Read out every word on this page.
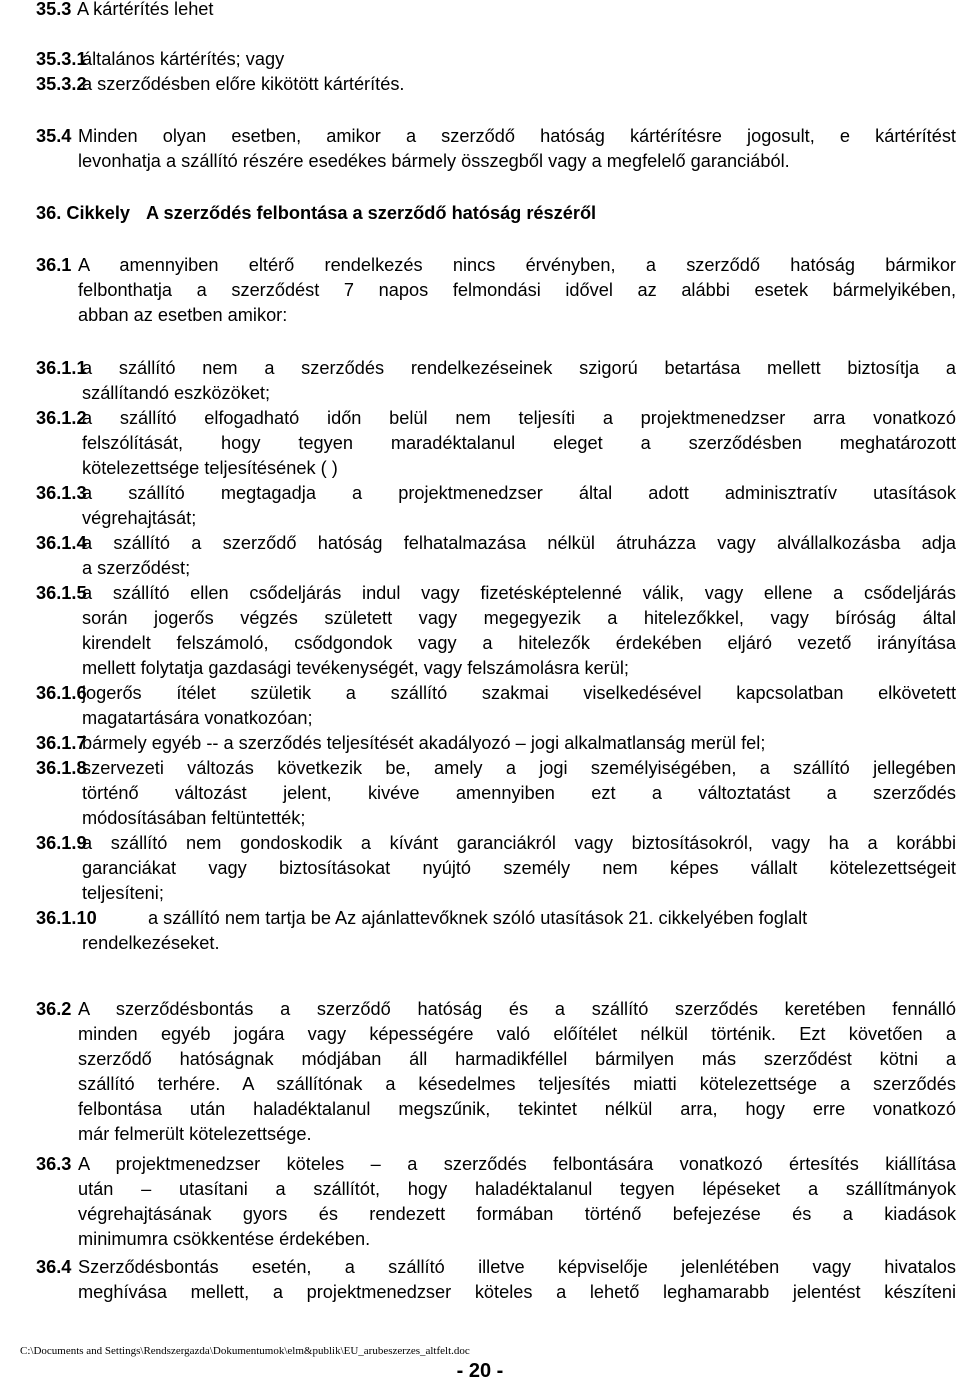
35.3 A kártérítés lehet
35.3.1
általános kártérítés; vagy
35.3.2
a szerződésben előre kikötött kártérítés.
35.4 Minden olyan esetben, amikor a szerződő hatóság kártérítésre jogosult, e kártérítést
levonhatja a szállító részére esedékes bármely összegből vagy a megfelelő garanciából.
36. Cikkely A szerződés felbontása a szerződő hatóság részéről
36.1 A amennyiben eltérő rendelkezés nincs érvényben, a szerződő hatóság bármikor
felbonthatja a szerződést 7 napos felmondási idővel az alábbi esetek bármelyikében,
abban az esetben amikor:
36.1.1
a szállító nem a szerződés rendelkezéseinek szigorú betartása mellett biztosítja a
szállítandó eszközöket;
36.1.2
a szállító elfogadható időn belül nem teljesíti a projektmenedzser arra vonatkozó
felszólítását, hogy tegyen maradéktalanul eleget a szerződésben meghatározott
kötelezettsége teljesítésének ( )
36.1.3
a szállító megtagadja a projektmenedzser által adott adminisztratív utasítások
végrehajtását;
36.1.4
a szállító a szerződő hatóság felhatalmazása nélkül átruházza vagy alvállalkozásba adja
a szerződést;
36.1.5
a szállító ellen csődeljárás indul vagy fizetésképtelenné válik, vagy ellene a csődeljárás
során jogerős végzés született vagy megegyezik a hitelezőkkel, vagy bíróság által
kirendelt felszámoló, csődgondok vagy a hitelezők érdekében eljáró vezető irányítása
mellett folytatja gazdasági tevékenységét, vagy felszámolásra kerül;
36.1.6
jogerős ítélet születik a szállító szakmai viselkedésével kapcsolatban elkövetett
magatartására vonatkozóan;
36.1.7
bármely egyéb -- a szerződés teljesítését akadályozó – jogi alkalmatlanság merül fel;
36.1.8
szervezeti változás következik be, amely a jogi személyiségében, a szállító jellegében
történő változást jelent, kivéve amennyiben ezt a változtatást a szerződés
módosításában feltüntették;
36.1.9
a szállító nem gondoskodik a kívánt garanciákról vagy biztosításokról, vagy ha a korábbi
garanciákat vagy biztosításokat nyújtó személy nem képes vállalt kötelezettségeit
teljesíteni;
36.1.10	a szállító nem tartja be Az ajánlattevőknek szóló utasítások 21. cikkelyében foglalt
rendelkezéseket.
36.2 A szerződésbontás a szerződő hatóság és a szállító szerződés keretében fennálló
minden egyéb jogára vagy képességére való előítélet nélkül történik. Ezt követően a
szerződő hatóságnak módjában áll harmadikféllel bármilyen más szerződést kötni a
szállító terhére. A szállítónak a késedelmes teljesítés miatti kötelezettsége a szerződés
felbontása után haladéktalanul megszűnik, tekintet nélkül arra, hogy erre vonatkozó
már felmerült kötelezettsége.
36.3 A projektmenedzser köteles – a szerződés felbontására vonatkozó értesítés kiállítása
után – utasítani a szállítót, hogy haladéktalanul tegyen lépéseket a szállítmányok
végrehajtásának gyors és rendezett formában történő befejezése és a kiadások
minimumra csökkentése érdekében.
36.4 Szerződésbontás esetén, a szállító illetve képviselője jelenlétében vagy hivatalos
meghívása mellett, a projektmenedzser köteles a lehető leghamarabb jelentést készíteni
C:\Documents and Settings\Rendszergazda\Dokumentumok\elm&publik\EU_arubeszerzes_altfelt.doc
- 20 -
